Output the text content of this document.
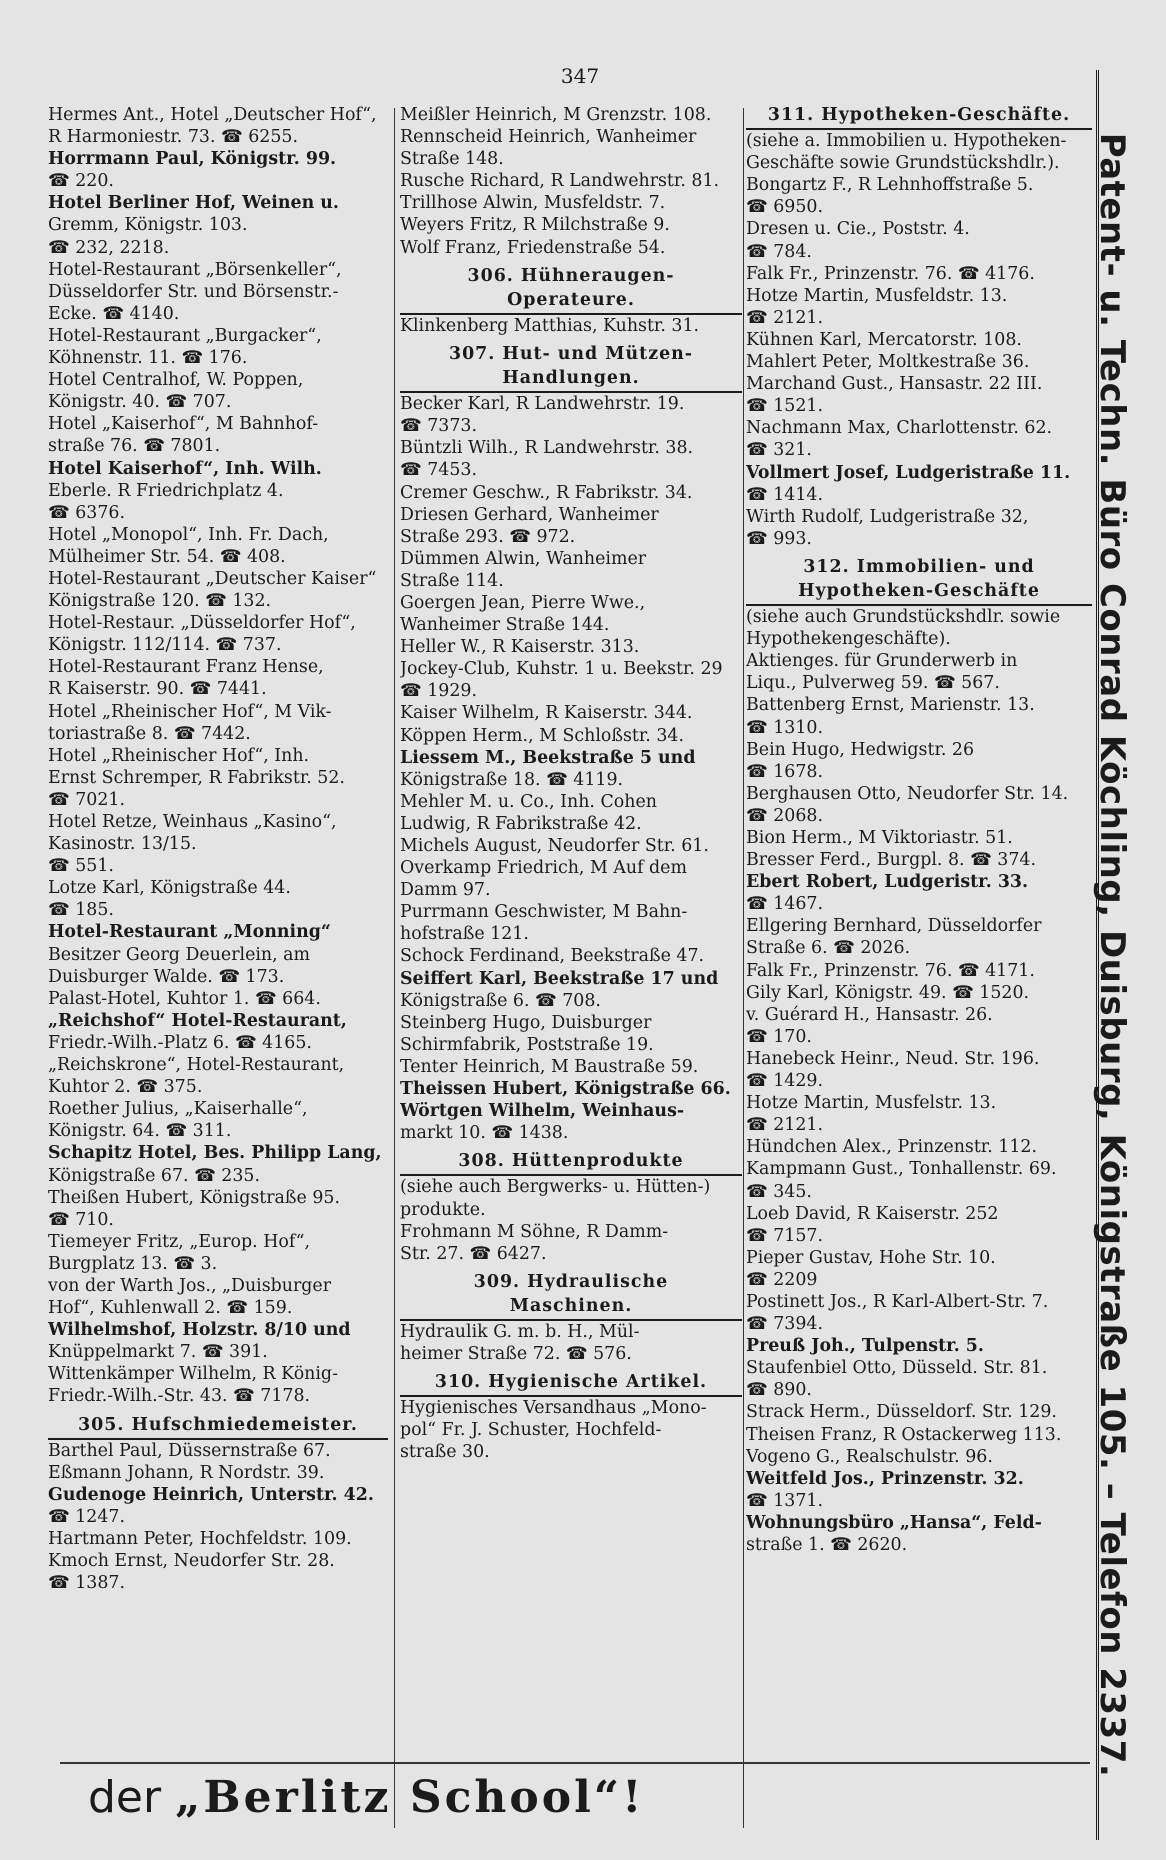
347
Hermes Ant., Hotel „Deutscher Hof“,
R Harmoniestr. 73. ☎ 6255.
Horrmann Paul, Königstr. 99.
☎ 220.
Hotel Berliner Hof, Weinen u.
Gremm, Königstr. 103.
☎ 232, 2218.
Hotel-Restaurant „Börsenkeller“,
Düsseldorfer Str. und Börsenstr.-
Ecke. ☎ 4140.
Hotel-Restaurant „Burgacker“,
Köhnenstr. 11. ☎ 176.
Hotel Centralhof, W. Poppen,
Königstr. 40. ☎ 707.
Hotel „Kaiserhof“, M Bahnhof-
straße 76. ☎ 7801.
Hotel Kaiserhof“, Inh. Wilh.
Eberle. R Friedrichplatz 4.
☎ 6376.
Hotel „Monopol“, Inh. Fr. Dach,
Mülheimer Str. 54. ☎ 408.
Hotel-Restaurant „Deutscher Kaiser“
Königstraße 120. ☎ 132.
Hotel-Restaur. „Düsseldorfer Hof“,
Königstr. 112/114. ☎ 737.
Hotel-Restaurant Franz Hense,
R Kaiserstr. 90. ☎ 7441.
Hotel „Rheinischer Hof“, M Vik-
toriastraße 8. ☎ 7442.
Hotel „Rheinischer Hof“, Inh.
Ernst Schremper, R Fabrikstr. 52.
☎ 7021.
Hotel Retze, Weinhaus „Kasino“,
Kasinostr. 13/15.
☎ 551.
Lotze Karl, Königstraße 44.
☎ 185.
Hotel-Restaurant „Monning“
Besitzer Georg Deuerlein, am
Duisburger Walde. ☎ 173.
Palast-Hotel, Kuhtor 1. ☎ 664.
„Reichshof“ Hotel-Restaurant,
Friedr.-Wilh.-Platz 6. ☎ 4165.
„Reichskrone“, Hotel-Restaurant,
Kuhtor 2. ☎ 375.
Roether Julius, „Kaiserhalle“,
Königstr. 64. ☎ 311.
Schapitz Hotel, Bes. Philipp Lang,
Königstraße 67. ☎ 235.
Theißen Hubert, Königstraße 95.
☎ 710.
Tiemeyer Fritz, „Europ. Hof“,
Burgplatz 13. ☎ 3.
von der Warth Jos., „Duisburger
Hof“, Kuhlenwall 2. ☎ 159.
Wilhelmshof, Holzstr. 8/10 und
Knüppelmarkt 7. ☎ 391.
Wittenkämper Wilhelm, R König-
Friedr.-Wilh.-Str. 43. ☎ 7178.
305. Hufschmiedemeister.
Barthel Paul, Düssernstraße 67.
Eßmann Johann, R Nordstr. 39.
Gudenoge Heinrich, Unterstr. 42.
☎ 1247.
Hartmann Peter, Hochfeldstr. 109.
Kmoch Ernst, Neudorfer Str. 28.
☎ 1387.
Meißler Heinrich, M Grenzstr. 108.
Rennscheid Heinrich, Wanheimer
Straße 148.
Rusche Richard, R Landwehrstr. 81.
Trillhose Alwin, Musfeldstr. 7.
Weyers Fritz, R Milchstraße 9.
Wolf Franz, Friedenstraße 54.
306. Hühneraugen-
Operateure.
Klinkenberg Matthias, Kuhstr. 31.
307. Hut- und Mützen-
Handlungen.
Becker Karl, R Landwehrstr. 19.
☎ 7373.
Büntzli Wilh., R Landwehrstr. 38.
☎ 7453.
Cremer Geschw., R Fabrikstr. 34.
Driesen Gerhard, Wanheimer
Straße 293. ☎ 972.
Dümmen Alwin, Wanheimer
Straße 114.
Goergen Jean, Pierre Wwe.,
Wanheimer Straße 144.
Heller W., R Kaiserstr. 313.
Jockey-Club, Kuhstr. 1 u. Beekstr. 29
☎ 1929.
Kaiser Wilhelm, R Kaiserstr. 344.
Köppen Herm., M Schloßstr. 34.
Liessem M., Beekstraße 5 und
Königstraße 18. ☎ 4119.
Mehler M. u. Co., Inh. Cohen
Ludwig, R Fabrikstraße 42.
Michels August, Neudorfer Str. 61.
Overkamp Friedrich, M Auf dem
Damm 97.
Purrmann Geschwister, M Bahn-
hofstraße 121.
Schock Ferdinand, Beekstraße 47.
Seiffert Karl, Beekstraße 17 und
Königstraße 6. ☎ 708.
Steinberg Hugo, Duisburger
Schirmfabrik, Poststraße 19.
Tenter Heinrich, M Baustraße 59.
Theissen Hubert, Königstraße 66.
Wörtgen Wilhelm, Weinhaus-
markt 10. ☎ 1438.
308. Hüttenprodukte
(siehe auch Bergwerks- u. Hütten-)
produkte.
Frohmann M Söhne, R Damm-
Str. 27. ☎ 6427.
309. Hydraulische
Maschinen.
Hydraulik G. m. b. H., Mül-
heimer Straße 72. ☎ 576.
310. Hygienische Artikel.
Hygienisches Versandhaus „Mono-
pol“ Fr. J. Schuster, Hochfeld-
straße 30.
311. Hypotheken-Geschäfte.
(siehe a. Immobilien u. Hypotheken-
Geschäfte sowie Grundstückshdlr.).
Bongartz F., R Lehnhoffstraße 5.
☎ 6950.
Dresen u. Cie., Poststr. 4.
☎ 784.
Falk Fr., Prinzenstr. 76. ☎ 4176.
Hotze Martin, Musfeldstr. 13.
☎ 2121.
Kühnen Karl, Mercatorstr. 108.
Mahlert Peter, Moltkestraße 36.
Marchand Gust., Hansastr. 22 III.
☎ 1521.
Nachmann Max, Charlottenstr. 62.
☎ 321.
Vollmert Josef, Ludgeristraße 11.
☎ 1414.
Wirth Rudolf, Ludgeristraße 32,
☎ 993.
312. Immobilien- und
Hypotheken-Geschäfte
(siehe auch Grundstückshdlr. sowie
Hypothekengeschäfte).
Aktienges. für Grunderwerb in
Liqu., Pulverweg 59. ☎ 567.
Battenberg Ernst, Marienstr. 13.
☎ 1310.
Bein Hugo, Hedwigstr. 26
☎ 1678.
Berghausen Otto, Neudorfer Str. 14.
☎ 2068.
Bion Herm., M Viktoriastr. 51.
Bresser Ferd., Burgpl. 8. ☎ 374.
Ebert Robert, Ludgeristr. 33.
☎ 1467.
Ellgering Bernhard, Düsseldorfer
Straße 6. ☎ 2026.
Falk Fr., Prinzenstr. 76. ☎ 4171.
Gily Karl, Königstr. 49. ☎ 1520.
v. Guérard H., Hansastr. 26.
☎ 170.
Hanebeck Heinr., Neud. Str. 196.
☎ 1429.
Hotze Martin, Musfelstr. 13.
☎ 2121.
Hündchen Alex., Prinzenstr. 112.
Kampmann Gust., Tonhallenstr. 69.
☎ 345.
Loeb David, R Kaiserstr. 252
☎ 7157.
Pieper Gustav, Hohe Str. 10.
☎ 2209
Postinett Jos., R Karl-Albert-Str. 7.
☎ 7394.
Preuß Joh., Tulpenstr. 5.
Staufenbiel Otto, Düsseld. Str. 81.
☎ 890.
Strack Herm., Düsseldorf. Str. 129.
Theisen Franz, R Ostackerweg 113.
Vogeno G., Realschulstr. 96.
Weitfeld Jos., Prinzenstr. 32.
☎ 1371.
Wohnungsbüro „Hansa“, Feld-
straße 1. ☎ 2620.	Patent- u. Techn. Büro Conrad Köchling, Duisburg, Königstraße 105. – Telefon 2337.
der „Berlitz School“!
